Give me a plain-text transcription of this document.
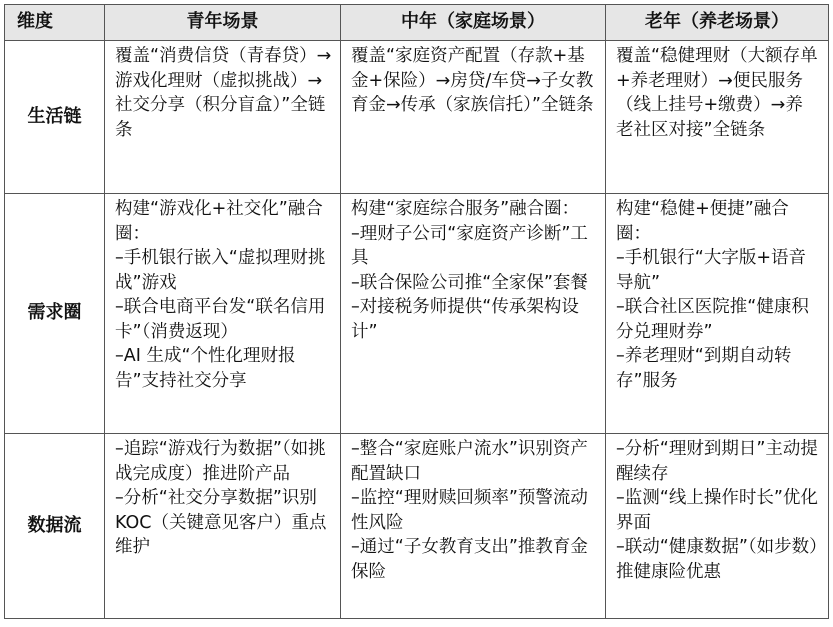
维度	青年场景	中年（家庭场景）	老年（养老场景）
生活链	覆盖“消费信贷（青春贷）→游戏化理财（虚拟挑战）→社交分享（积分盲盒）”全链条	覆盖“家庭资产配置（存款+基金+保险）→房贷/车贷→子女教育金→传承（家族信托）”全链条	覆盖“稳健理财（大额存单+养老理财）→便民服务（线上挂号+缴费）→养老社区对接”全链条

需求圈	构建“游戏化+社交化”融合圈：
–手机银行嵌入“虚拟理财挑战”游戏
–联合电商平台发“联名信用卡”（消费返现）
–AI 生成“个性化理财报告”支持社交分享	构建“家庭综合服务”融合圈：
–理财子公司“家庭资产诊断”工具
–联合保险公司推“全家保”套餐
–对接税务师提供“传承架构设计”	构建“稳健+便捷”融合圈：
–手机银行“大字版+语音导航”
–联合社区医院推“健康积分兑理财券”
–养老理财“到期自动转存”服务

数据流	–追踪“游戏行为数据”（如挑战完成度）推进阶产品
–分析“社交分享数据”识别 KOC（关键意见客户）重点维护	–整合“家庭账户流水”识别资产配置缺口
–监控“理财赎回频率”预警流动性风险
–通过“子女教育支出”推教育金保险	–分析“理财到期日”主动提醒续存
–监测“线上操作时长”优化界面
–联动“健康数据”（如步数）推健康险优惠
